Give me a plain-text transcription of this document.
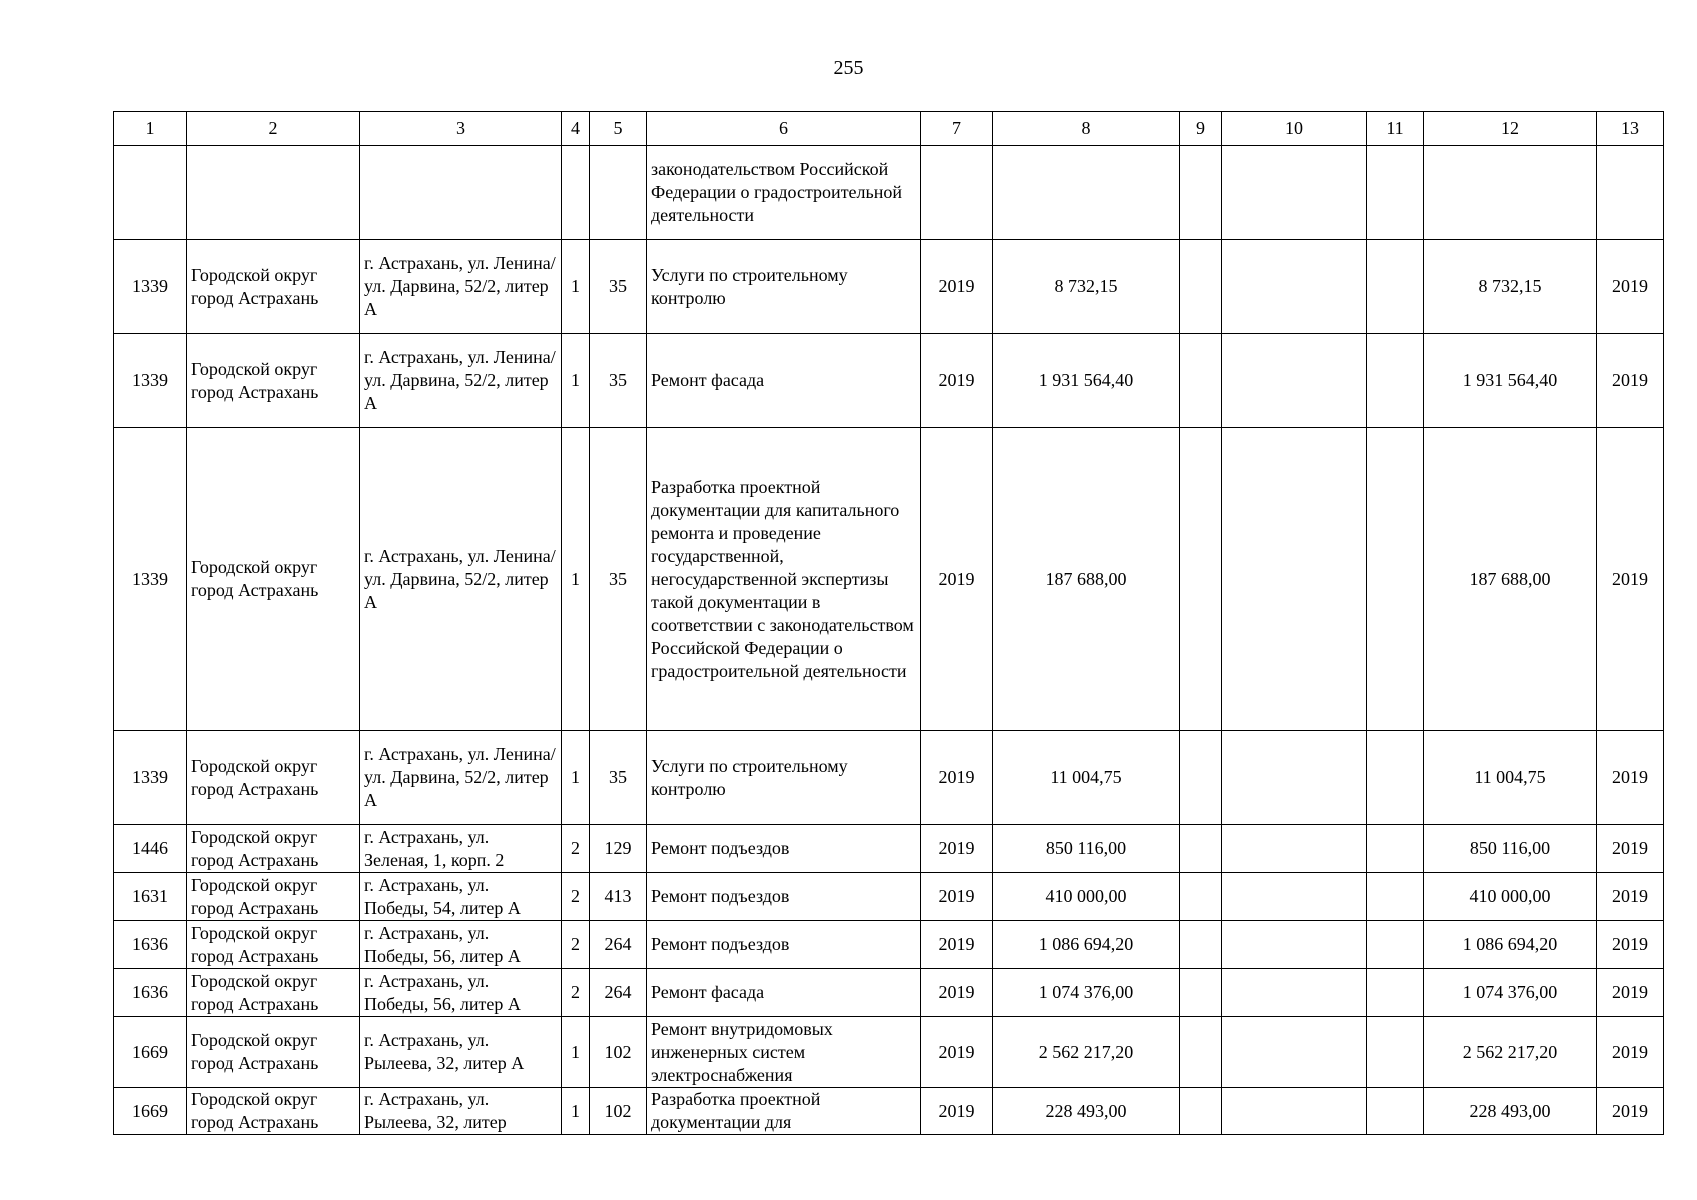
255
1	2	3	4	5	6	7	8	9	10	11	12	13
					законодательством Российской Федерации о градостроительной деятельности							
1339	Городской округ город Астрахань	г. Астрахань, ул. Ленина/ ул. Дарвина, 52/2, литер А	1	35	Услуги по строительному контролю	2019	8 732,15				8 732,15	2019
1339	Городской округ город Астрахань	г. Астрахань, ул. Ленина/ ул. Дарвина, 52/2, литер А	1	35	Ремонт фасада	2019	1 931 564,40				1 931 564,40	2019
1339	Городской округ город Астрахань	г. Астрахань, ул. Ленина/ ул. Дарвина, 52/2, литер А	1	35	Разработка проектной документации для капитального ремонта и проведение государственной, негосударственной экспертизы такой документации в соответствии с законодательством Российской Федерации о градостроительной деятельности	2019	187 688,00				187 688,00	2019
1339	Городской округ город Астрахань	г. Астрахань, ул. Ленина/ ул. Дарвина, 52/2, литер А	1	35	Услуги по строительному контролю	2019	11 004,75				11 004,75	2019
1446	Городской округ город Астрахань	г. Астрахань, ул. Зеленая, 1, корп. 2	2	129	Ремонт подъездов	2019	850 116,00				850 116,00	2019
1631	Городской округ город Астрахань	г. Астрахань, ул. Победы, 54, литер А	2	413	Ремонт подъездов	2019	410 000,00				410 000,00	2019
1636	Городской округ город Астрахань	г. Астрахань, ул. Победы, 56, литер А	2	264	Ремонт подъездов	2019	1 086 694,20				1 086 694,20	2019
1636	Городской округ город Астрахань	г. Астрахань, ул. Победы, 56, литер А	2	264	Ремонт фасада	2019	1 074 376,00				1 074 376,00	2019
1669	Городской округ город Астрахань	г. Астрахань, ул. Рылеева, 32, литер А	1	102	Ремонт внутридомовых инженерных систем электроснабжения	2019	2 562 217,20				2 562 217,20	2019
1669	Городской округ город Астрахань	г. Астрахань, ул. Рылеева, 32, литер	1	102	Разработка проектной документации для	2019	228 493,00				228 493,00	2019
